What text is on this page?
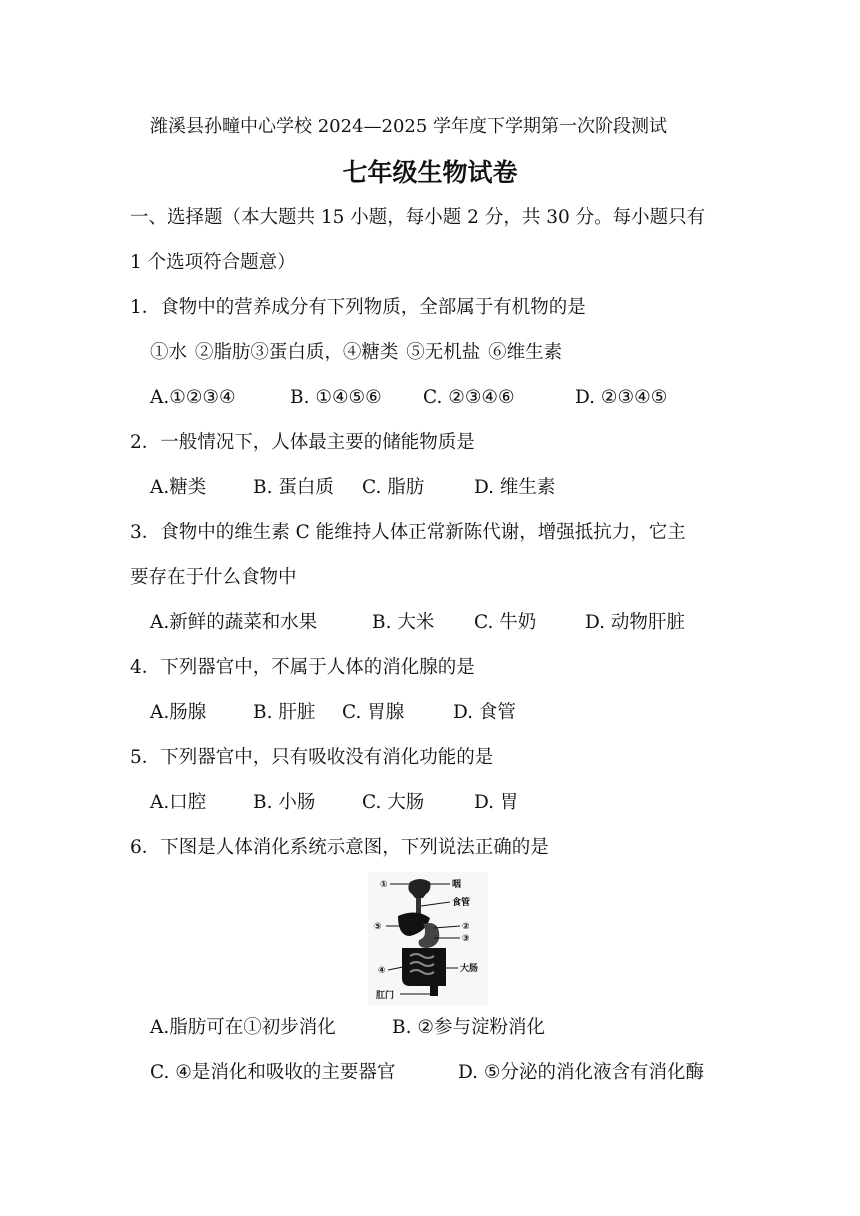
潍溪县孙疃中心学校 2024—2025 学年度下学期第一次阶段测试
七年级生物试卷
一、选择题（本大题共 15 小题，每小题 2 分，共 30 分。每小题只有
1 个选项符合题意）
1．食物中的营养成分有下列物质，全部属于有机物的是
①水 ②脂肪③蛋白质，④糖类 ⑤无机盐 ⑥维生素
A.①②③④	B. ①④⑤⑥ C. ②③④⑥	D. ②③④⑤
2．一般情况下，人体最主要的储能物质是
A.糖类	B. 蛋白质 C. 脂肪	D. 维生素
3．食物中的维生素 C 能维持人体正常新陈代谢，增强抵抗力，它主
要存在于什么食物中
A.新鲜的蔬菜和水果	B. 大米 C. 牛奶	D. 动物肝脏
4．下列器官中，不属于人体的消化腺的是
A.肠腺	B. 肝脏 C. 胃腺	D. 食管
5．下列器官中，只有吸收没有消化功能的是
A.口腔	B. 小肠	C. 大肠	D. 胃
6．下图是人体消化系统示意图，下列说法正确的是
①	咽
食管
⑤	②
③
④	大肠
肛门
A.脂肪可在①初步消化	B. ②参与淀粉消化
C. ④是消化和吸收的主要器官	D. ⑤分泌的消化液含有消化酶
